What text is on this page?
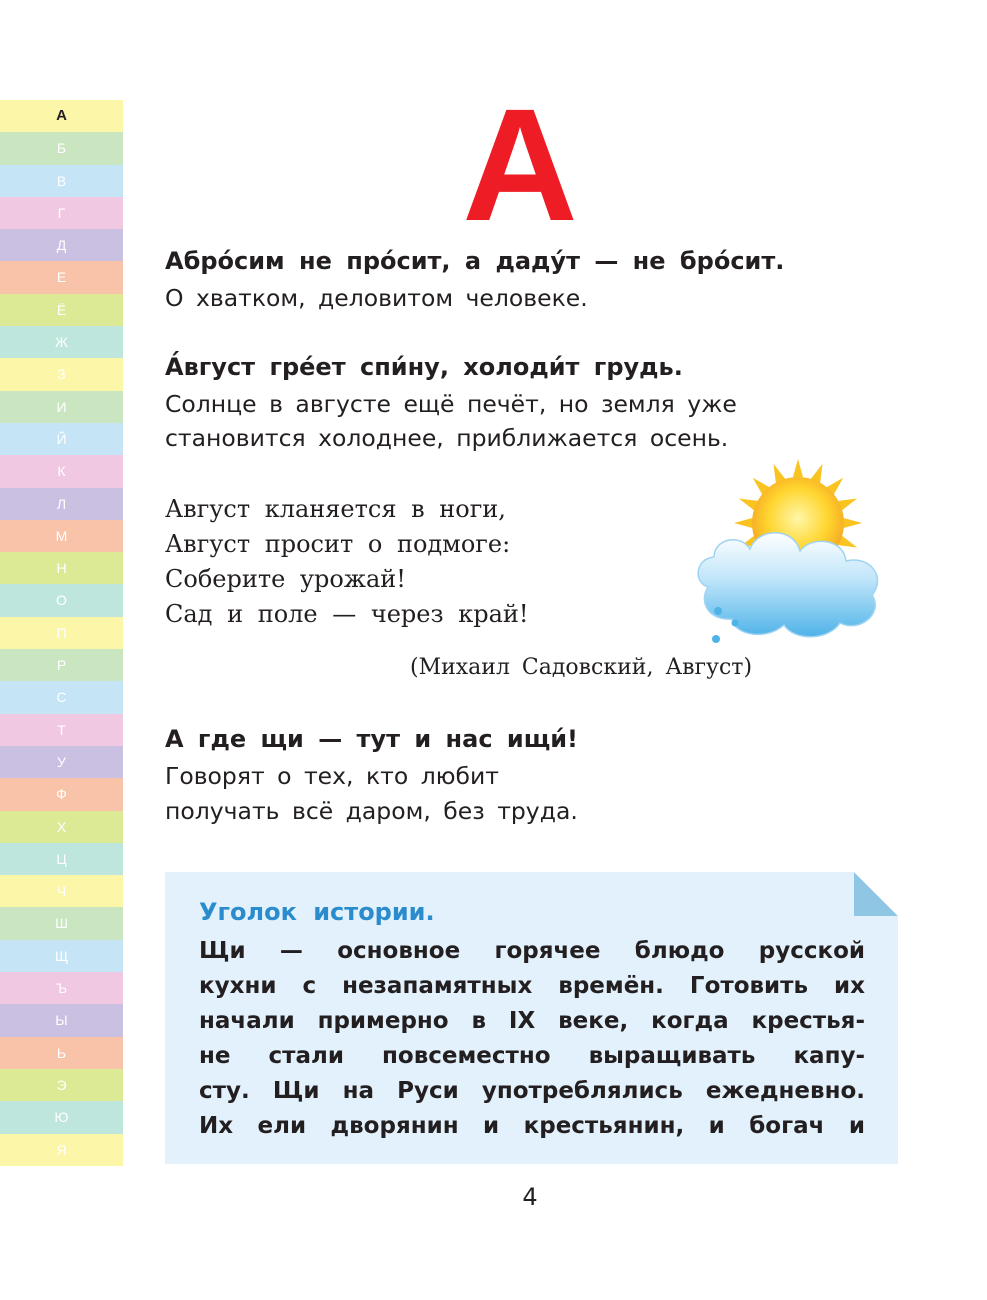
А
Б
В
Г
Д
Е
Ё
Ж
З
И
Й
К
Л
М
Н
О
П
Р
С
Т
У
Ф
Х
Ц
Ч
Ш
Щ
Ъ
Ы
Ь
Э
Ю
Я
А

Абро́сим не про́сит, а даду́т — не бро́сит.

О хватком, деловитом человеке.

А́вгуст гре́ет спи́ну, холоди́т грудь.

Солнце в августе ещё печёт, но земля уже

становится холоднее, приближается осень.

Август кланяется в ноги,
Август просит о подмоге:
Соберите урожай!
Сад и поле — через край!

(Михаил Садовский, Август)

А где щи — тут и нас ищи́!

Говорят о тех, кто любит

получать всё даром, без труда.

Уголок истории.

Щи — основное горячее блюдо русской
кухни с незапамятных времён. Готовить их
начали примерно в IX веке, когда крестья-
не стали повсеместно выращивать капу-
сту. Щи на Руси употреблялись ежедневно.
Их ели дворянин и крестьянин, и богач и
4
